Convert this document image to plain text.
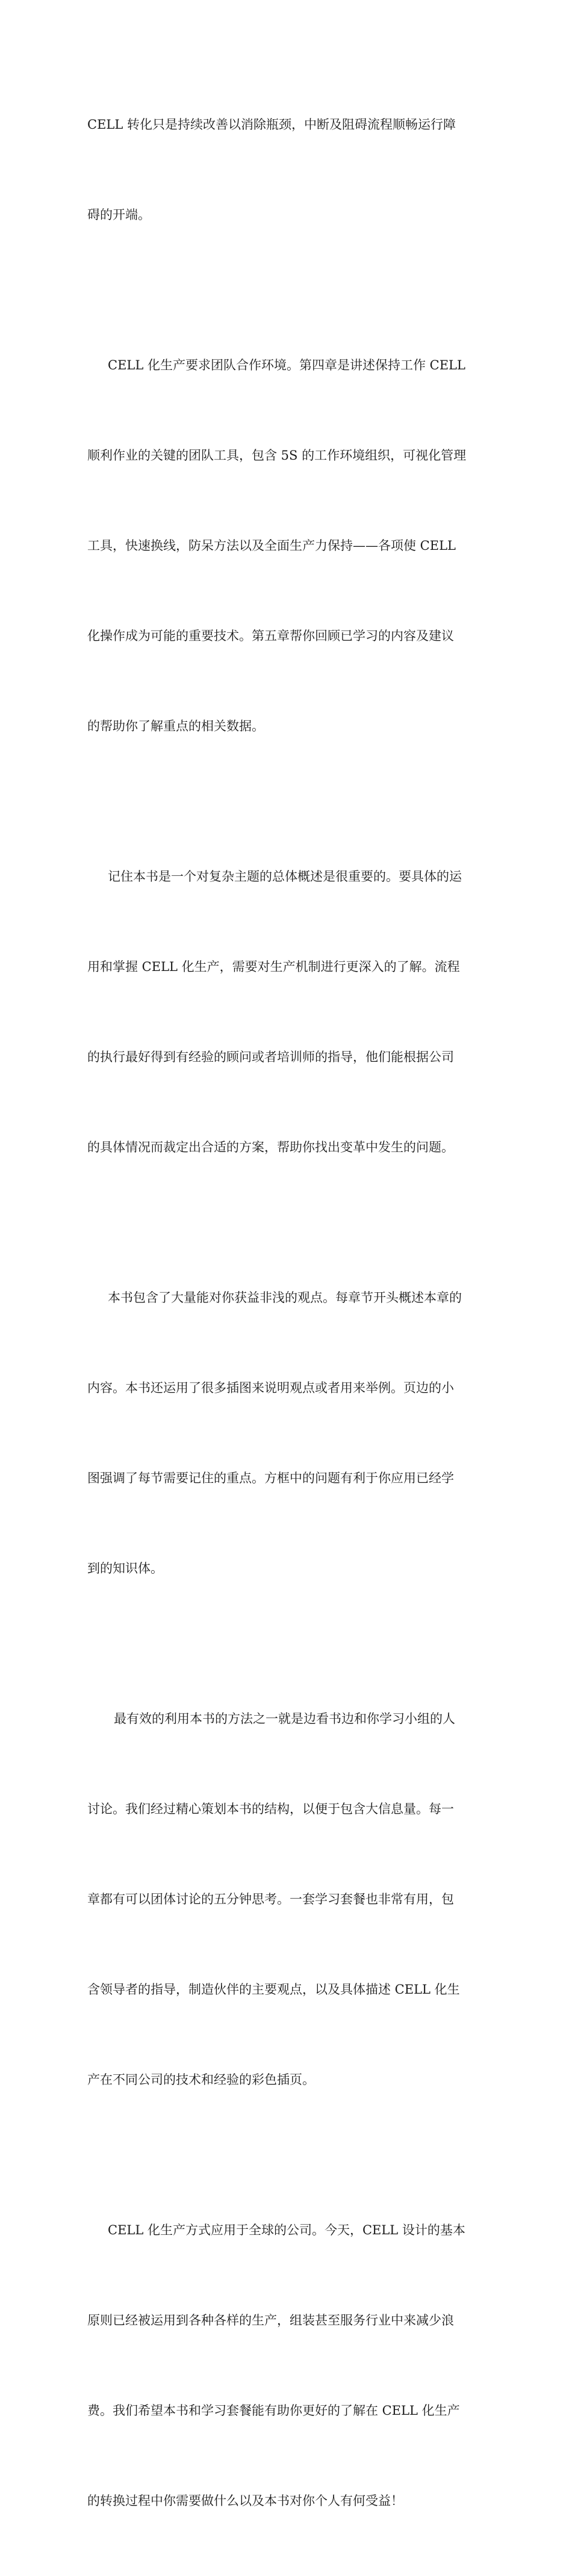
CELL 转化只是持续改善以消除瓶颈，中断及阻碍流程顺畅运行障

碍的开端。

CELL 化生产要求团队合作环境。第四章是讲述保持工作 CELL

顺利作业的关键的团队工具，包含 5S 的工作环境组织，可视化管理

工具，快速换线，防呆方法以及全面生产力保持——各项使 CELL

化操作成为可能的重要技术。第五章帮你回顾已学习的内容及建议

的帮助你了解重点的相关数据。

记住本书是一个对复杂主题的总体概述是很重要的。要具体的运

用和掌握 CELL 化生产，需要对生产机制进行更深入的了解。流程

的执行最好得到有经验的顾问或者培训师的指导，他们能根据公司

的具体情况而裁定出合适的方案，帮助你找出变革中发生的问题。

本书包含了大量能对你获益非浅的观点。每章节开头概述本章的

内容。本书还运用了很多插图来说明观点或者用来举例。页边的小

图强调了每节需要记住的重点。方框中的问题有利于你应用已经学

到的知识体。

最有效的利用本书的方法之一就是边看书边和你学习小组的人

讨论。我们经过精心策划本书的结构，以便于包含大信息量。每一

章都有可以团体讨论的五分钟思考。一套学习套餐也非常有用，包

含领导者的指导，制造伙伴的主要观点，以及具体描述 CELL 化生

产在不同公司的技术和经验的彩色插页。

CELL 化生产方式应用于全球的公司。今天，CELL 设计的基本

原则已经被运用到各种各样的生产，组装甚至服务行业中来减少浪

费。我们希望本书和学习套餐能有助你更好的了解在 CELL 化生产

的转换过程中你需要做什么以及本书对你个人有何受益！
